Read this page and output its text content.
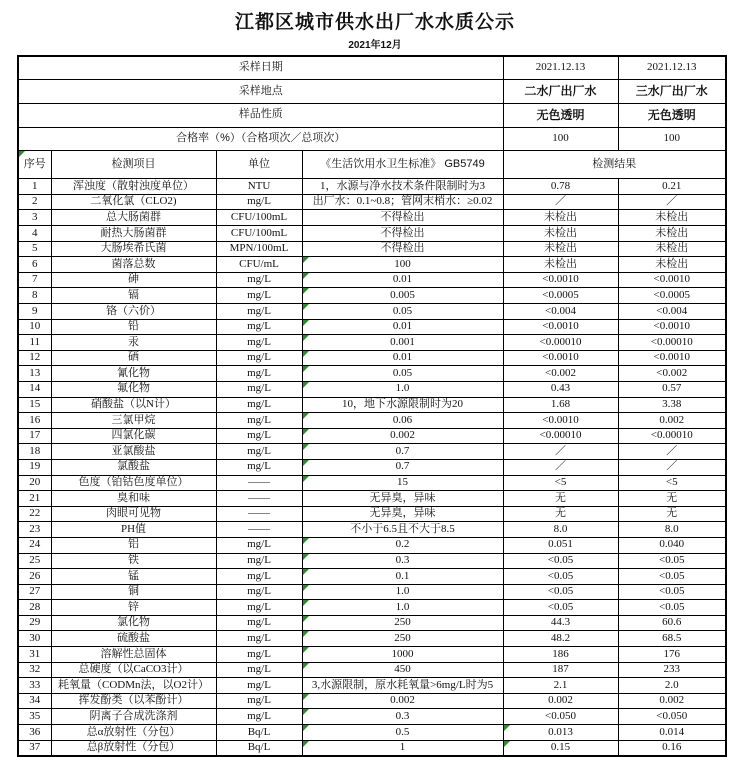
江都区城市供水出厂水水质公示
2021年12月
采样日期				2021.12.13	2021.12.13
采样地点				二水厂出厂水	三水厂出厂水
样品性质				无色透明	无色透明
合格率（%）（合格项次／总项次）				100	100
序号	检测项目	单位	《生活饮用水卫生标准》 GB5749	检测结果	
1	浑浊度（散射浊度单位）	NTU	1，水源与净水技术条件限制时为3	0.78	0.21
2	二氧化氯（CLO2)	mg/L	出厂水：0.1~0.8；管网末梢水：≥0.02	／	／
3	总大肠菌群	CFU/100mL	不得检出	未检出	未检出
4	耐热大肠菌群	CFU/100mL	不得检出	未检出	未检出
5	大肠埃希氏菌	MPN/100mL	不得检出	未检出	未检出
6	菌落总数	CFU/mL	100	未检出	未检出
7	砷	mg/L	0.01	<0.0010	<0.0010
8	镉	mg/L	0.005	<0.0005	<0.0005
9	铬（六价）	mg/L	0.05	<0.004	<0.004
10	铅	mg/L	0.01	<0.0010	<0.0010
11	汞	mg/L	0.001	<0.00010	<0.00010
12	硒	mg/L	0.01	<0.0010	<0.0010
13	氰化物	mg/L	0.05	<0.002	<0.002
14	氟化物	mg/L	1.0	0.43	0.57
15	硝酸盐（以N计）	mg/L	10，地下水源限制时为20	1.68	3.38
16	三氯甲烷	mg/L	0.06	<0.0010	0.002
17	四氯化碳	mg/L	0.002	<0.00010	<0.00010
18	亚氯酸盐	mg/L	0.7	／	／
19	氯酸盐	mg/L	0.7	／	／
20	色度（铂钴色度单位）	——	15	<5	<5
21	臭和味	——	无异臭，异味	无	无
22	肉眼可见物	——	无异臭，异味	无	无
23	PH值	——	不小于6.5且不大于8.5	8.0	8.0
24	铝	mg/L	0.2	0.051	0.040
25	铁	mg/L	0.3	<0.05	<0.05
26	锰	mg/L	0.1	<0.05	<0.05
27	铜	mg/L	1.0	<0.05	<0.05
28	锌	mg/L	1.0	<0.05	<0.05
29	氯化物	mg/L	250	44.3	60.6
30	硫酸盐	mg/L	250	48.2	68.5
31	溶解性总固体	mg/L	1000	186	176
32	总硬度（以CaCO3计）	mg/L	450	187	233
33	耗氧量（CODMn法，以O2计）	mg/L	3,水源限制，原水耗氧量>6mg/L时为5	2.1	2.0
34	挥发酚类（以苯酚计）	mg/L	0.002	0.002	0.002
35	阴离子合成洗涤剂	mg/L	0.3	<0.050	<0.050
36	总α放射性（分包）	Bq/L	0.5	0.013	0.014
37	总β放射性（分包）	Bq/L	1	0.15	0.16
